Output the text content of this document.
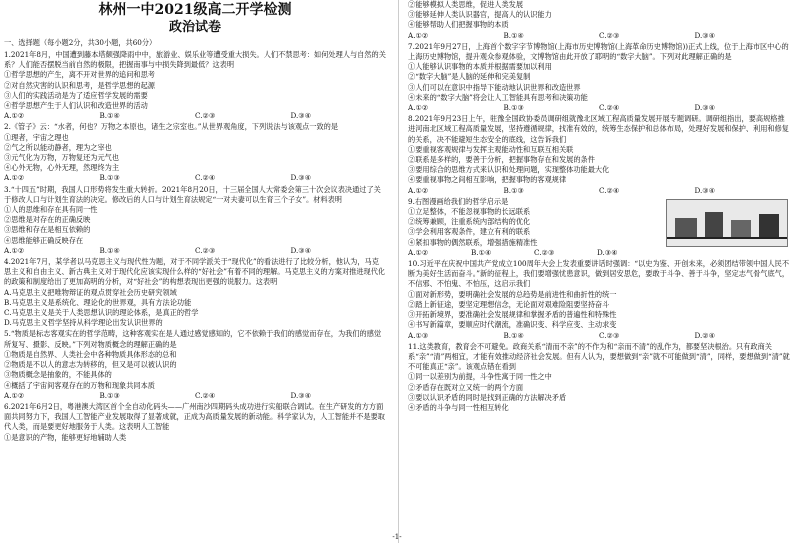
林州一中2021级高二开学检测
政治试卷
一、选择题（每小题2分，共30小题，共60分）

1.2021年8月，中国遭到藤本塔颇强降雨中中，旅游业、娱乐业等遭受重大损失。人们不禁思考：如何处理人与自然的关系？人们能否摆脱当前自然的极限，把握南事与中损失降到最低？这表明

①哲学思想的产生，离不开对世界的追问和思考

②对自然灾害的认识和思考，是哲学思想的起源

③人们的实践活动是为了适应哲学发展的需要

④哲学思想产生于人们认识和改造世界的活动

A.①②	B.①④	C.②③	D.③④

2.《管子》云：“水者，何也？万物之本原也，诸生之宗室也。”从世界观角度，下列说法与该观点一致的是

①理者，宇宙之理也

②气之所以能动静者，理为之宰也

③元气化为万物，万物复还为元气也

④心外无物，心外无理，然理终为主

A.①②	B.①③	C.②④	D.③④

3.“十四五”时期，我国人口形势将发生重大转折。2021年8月20日，十三届全国人大常委会第三十次会议表决通过了关于修改人口与计划生育法的决定。修改后的人口与计划生育法规定“一对夫妻可以生育三个子女”。材料表明

①人的思维和存在具有同一性

②思维是对存在的正确反映

③思维和存在是相互依赖的

④思维能够正确反映存在

A.①②	B.①④	C.②③	D.③④

4.2021年7月，某学者以马克思主义与现代性为题，对于不同学派关于“现代化”的看法进行了比较分析，他认为，马克思主义和自由主义、新古典主义对于现代化应该实现什么样的“好社会”有着不同的理解。马克思主义的方案对推进现代化的政策和制度给出了更加高明的分析，对“好社会”的构想表现出更强的说服力。这表明

A.马克思主义把唯物辩证的观点贯穿社会历史研究领域

B.马克思主义是系统化、理论化的世界观，具有方法论功能

C.马克思主义是关于人类思想认识的理论体系，是真正的哲学

D.马克思主义哲学坚持从科学理论出发认识世界的

5.“物质是标志客观实在的哲学范畴，这种客观实在是人通过感觉感知的，它不依赖于我们的感觉而存在，为我们的感觉所复写、摄影、反映。”下列对物质概念的理解正确的是

①物质是自然界、人类社会中各种物质具体形态的总和

②物质是不以人的意志为转移的，但又是可以被认识的

③物质概念是抽象的，不能具体的

④概括了宇宙间客观存在的万物和现象共同本质

A.①②	B.①③	C.②④	D.③④

6.2021年6月2日，粤港澳大湾区首个全自动化码头——广州南沙四期码头成功进行实船联合调试。在生产研发的方方面面共同努力下，我国人工智能产业发展取得了显著成就，正成为高质量发展的新动能。科学家认为，人工智能并不是要取代人类，而是要更好地服务于人类。这表明人工智能

①是意识的产物，能够更好地辅助人类

②能够模拟人类思维，促进人类发展

③能够延伸人类认识器官，提高人的认识能力

④能够帮助人们把握事物的本质

A.①②	B.①④	C.②③	D.③④

7.2021年9月27日，上海首个数字字节博物馆(上海市历史博物馆(上海革命历史博物馆))正式上线，位于上海市区中心的上海历史博物馆，提升观众参观体验，文博物馆由此开放了耶明的“数字大脑”。下列对此理解正确的是

①人能够认识事物的本质并根据需要加以利用

②“数字大脑”是人脑的延伸和完美复制

③人们可以在意识中指导下能动地认识世界和改造世界

④未来的“数字大脑”将会让人工智能具有思考和决策功能

A.①②	B.①③	C.②④	D.③④

8.2021年9月23日上午，驻豫全国政协委员调研组就豫北区域工程高质量发展开展专题调研。调研组指出，要高规格推进河南北区域工程高质量发展，坚持遵循规律，找准有效的，统筹生态保护和总体布局，处理好发展和保护、利用和修复的关系，决不能避短生态安全的底线，这告诉我们

①要重视客观规律与发挥主观能动性和互联互相关联

②联系是多样的，要善于分析，把握事物存在和发展的条件

③要用综合的思维方式来认识和处理问题，实现整体功能最大化

④要重视事物之间相互影响，把握事物的客观规律

A.①②	B.①③	C.②④	D.③④

9.右图漫画给我们的哲学启示是

①立足整体，不能忽视事物的长远联系

②统筹兼顾，注重系统内部结构的优化

③学会利用客观条件，建立有利的联系

④紧扣事物的偶然联系，增强措施精准性

A.①②	B.①④	C.②③	D.③④

10.习近平在庆祝中国共产党成立100周年大会上发表重要讲话时强调：“以史为鉴、开创未来，必须团结带领中国人民不断为美好生活而奋斗。”新的征程上，我们要增强忧患意识，做到居安思危，要敢于斗争、善于斗争，坚定志气骨气底气，不信邪、不怕鬼、不怕压，这启示我们

①面对新形势，要明确社会发展的总趋势是前进性和曲折性的统一

②踏上新征途，要坚定理想信念，无论面对艰难险阻要坚持奋斗

③开拓新境界，要准确社会发展规律和掌握矛盾的普遍性和特殊性

④书写新篇章，要顺应时代潮流，准确识变、科学应变、主动求变

A.①③	B.①④	C.②③	D.②④

11.这类教育，教育会不可避免。政商关系“清而不亲”的不作为和“亲而不清”的乱作为，都要坚决根治。只有政商关系“亲”“清”两相宜，才能有效推动经济社会发展。但有人认为，要想做到“亲”就不可能做到“清”，同样，要想做到“清”就不可能真正“亲”。该观点错在看到

①同一以差别为前提，斗争性寓于同一性之中

②矛盾存在既对立又统一的两个方面

③要以认识矛盾的同时是找到正确的方法解决矛盾

④矛盾的斗争与同一性相互转化

-1-
